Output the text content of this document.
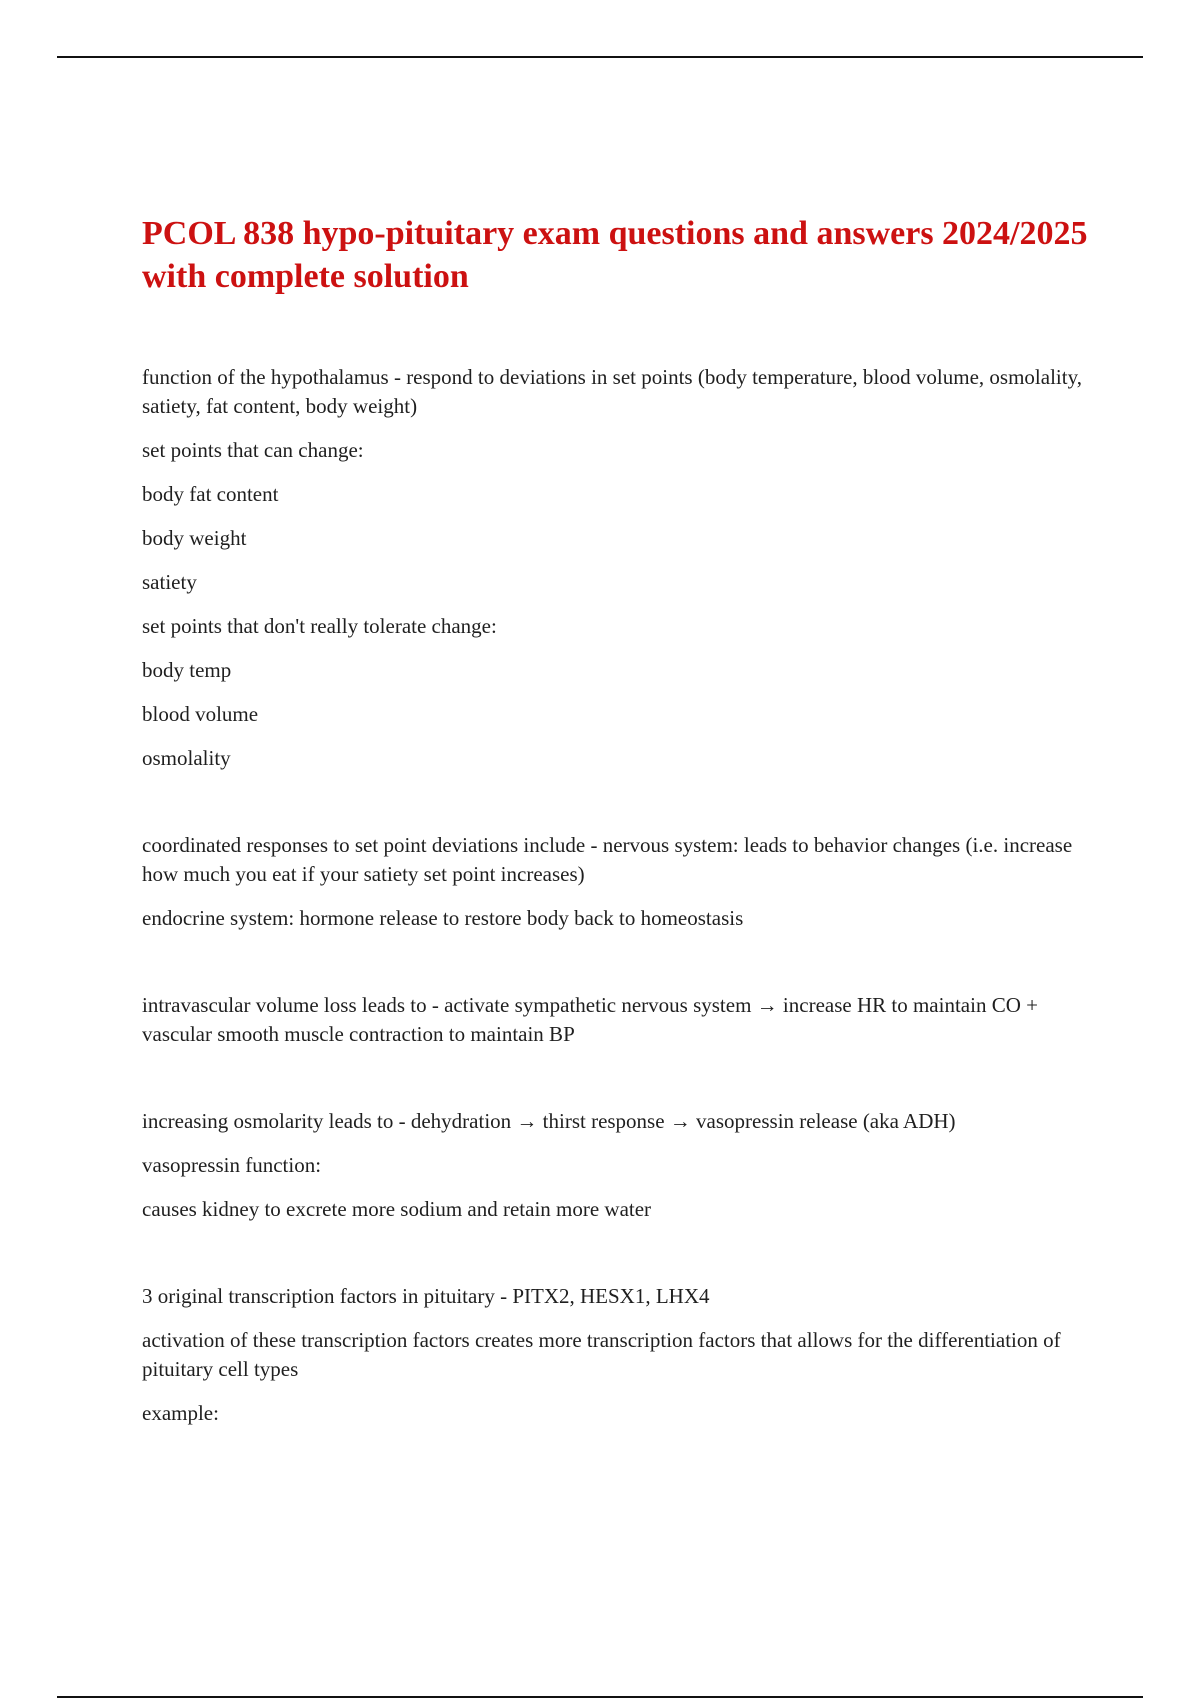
PCOL 838 hypo-pituitary exam questions and answers 2024/2025 with complete solution

function of the hypothalamus - respond to deviations in set points (body temperature, blood volume, osmolality, satiety, fat content, body weight)

set points that can change:

body fat content

body weight

satiety

set points that don't really tolerate change:

body temp

blood volume

osmolality

coordinated responses to set point deviations include - nervous system: leads to behavior changes (i.e. increase how much you eat if your satiety set point increases)

endocrine system: hormone release to restore body back to homeostasis

intravascular volume loss leads to - activate sympathetic nervous system → increase HR to maintain CO + vascular smooth muscle contraction to maintain BP

increasing osmolarity leads to - dehydration → thirst response → vasopressin release (aka ADH)

vasopressin function:

causes kidney to excrete more sodium and retain more water

3 original transcription factors in pituitary - PITX2, HESX1, LHX4

activation of these transcription factors creates more transcription factors that allows for the differentiation of pituitary cell types

example:
